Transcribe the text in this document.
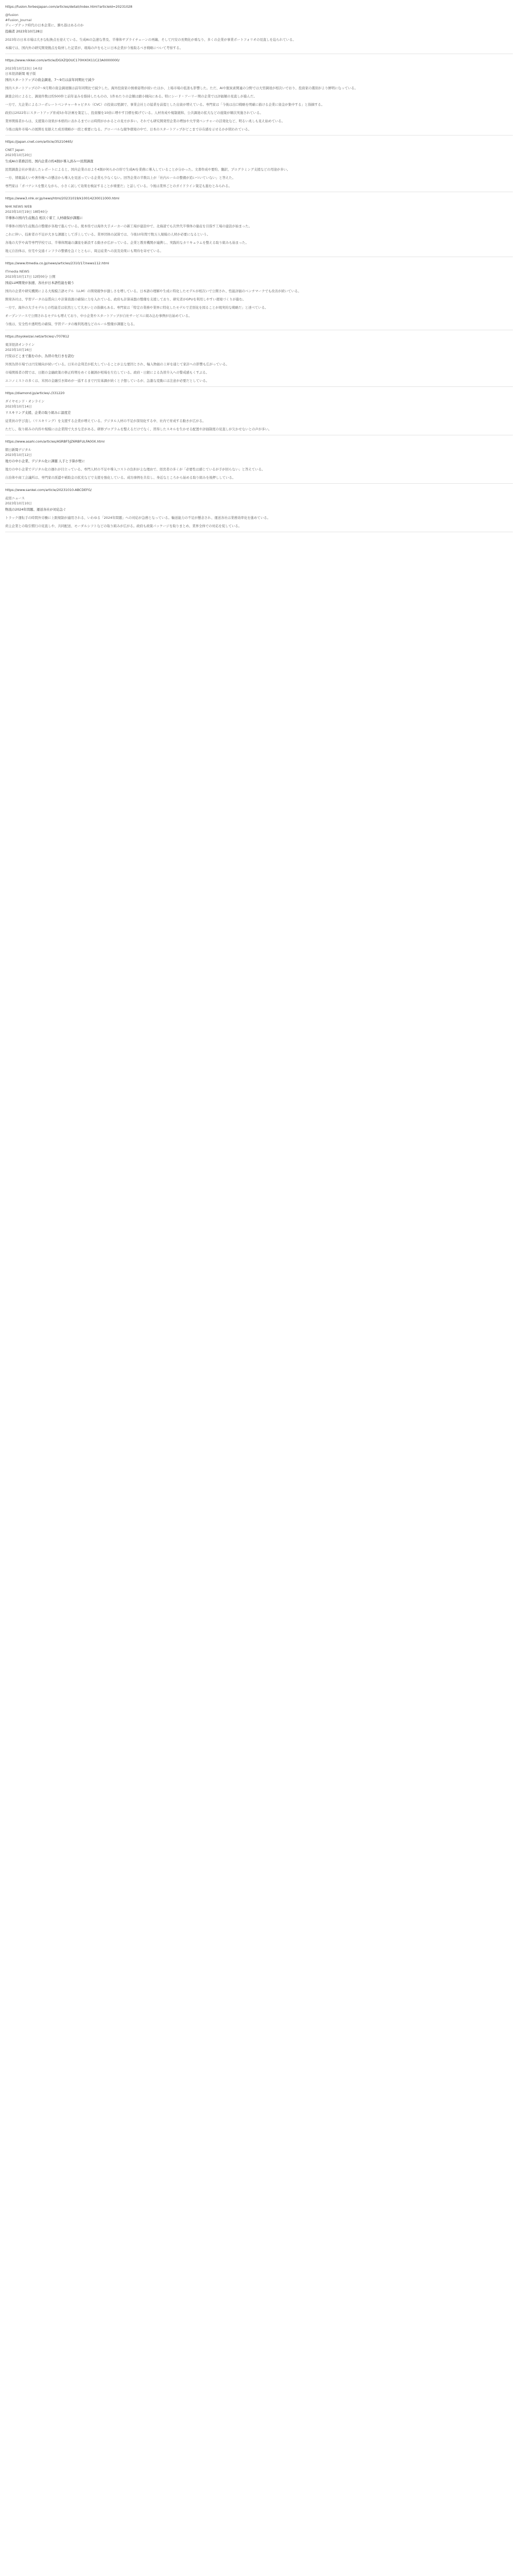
https://fusion.forbesjapan.com/articles/detail/index.html?articleId=20231028
@fusion
#Fusion_Journal
ディープテック時代の日本企業に、勝ち筋はあるのか
投稿者 2023年10月28日
2023年の日本市場は大きな転換点を迎えている。生成AIの急速な普及、半導体サプライチェーンの再編、そして円安の長期化が重なり、多くの企業が事業ポートフォリオの見直しを迫られている。
本稿では、国内外の研究開発拠点を取材した記者が、現場の声をもとに日本企業が今後取るべき戦略について考察する。
https://www.nikkei.com/article/DGXZQOUC170HX0X11C23A0000000/
2023年10月23日 14:02
日本経済新聞 電子版
国内スタートアップの資金調達、7〜9月は前年同期比で減少
国内スタートアップの7〜9月期の資金調達額は前年同期比で減少した。海外投資家の慎重姿勢が続いたほか、上場市場の低迷も影響した。ただ、AIや脱炭素関連の分野では大型調達が相次いでおり、投資家の選別がより鮮明になっている。
調査会社によると、調達件数は約500件と前年並みを維持したものの、1件あたりの金額は縮小傾向にある。特にシード・アーリー期の企業では評価額の見直しが進んだ。
一方で、大企業によるコーポレートベンチャーキャピタル（CVC）の投資は堅調で、事業会社との協業を前提とした出資が増えている。専門家は「今後は出口戦略を明確に描ける企業に資金が集中する」と指摘する。
政府は2022年にスタートアップ育成5か年計画を策定し、投資額を10倍に増やす目標を掲げている。人材育成や規制緩和、公共調達の拡大などの施策が順次実施されている。
業界関係者からは、支援策の効果が本格的に表れるまでには時間がかかるとの見方が多い。それでも研究開発型企業の増加や大学発ベンチャーの活発化など、明るい兆しも見え始めている。
今後は海外市場への展開を見据えた成長戦略が一段と重要になる。グローバルな競争環境の中で、日本のスタートアップがどこまで存在感を示せるかが問われている。
https://japan.cnet.com/article/35210465/
CNET Japan
2023年10月20日
生成AIの業務活用、国内企業の約4割が導入済み──民間調査
民間調査会社が発表したレポートによると、国内企業のおよそ4割が何らかの形で生成AIを業務に導入していることが分かった。文書作成や要約、翻訳、プログラミング支援などの用途が多い。
一方、情報漏えいや著作権への懸念から導入を見送っている企業も少なくない。回答企業の半数以上が「社内ルールの整備が追いついていない」と答えた。
専門家は「ガバナンスを整えながら、小さく試して効果を検証することが重要だ」と話している。今後は業界ごとのガイドライン策定も進むとみられる。
https://www3.nhk.or.jp/news/html/20231019/k10014230011000.html
NHK NEWS WEB
2023年10月19日 18時40分
半導体の国内生産拠点 相次ぐ着工 人材確保が課題に
半導体の国内生産拠点の整備が各地で進んでいる。熊本県では海外大手メーカーの新工場が建設中で、北海道でも次世代半導体の量産を目指す工場の建設が始まった。
これに伴い、技術者の不足が大きな課題として浮上している。業界団体の試算では、今後10年間で数万人規模の人材が必要になるという。
各地の大学や高等専門学校では、半導体関連の講座を新設する動きが広がっている。企業と教育機関が連携し、実践的なカリキュラムを整える取り組みも始まった。
地元自治体は、住宅や交通インフラの整備を急ぐとともに、周辺産業への波及効果にも期待を寄せている。
https://www.itmedia.co.jp/news/articles/2310/17/news112.html
ITmedia NEWS
2023年10月17日 12時00分 公開
国産LLM開発が加速、各社が日本語性能を競う
国内の企業や研究機関による大規模言語モデル（LLM）の開発競争が激しさを増している。日本語の理解や生成に特化したモデルが相次いで公開され、性能評価のベンチマークでも改善が続いている。
開発各社は、学習データの品質向上や計算資源の確保に力を入れている。政府も計算基盤の整備を支援しており、研究者がGPUを利用しやすい環境づくりが進む。
一方で、海外の大手モデルとの性能差は依然として大きいとの指摘もある。専門家は「特定の業務や業界に特化したモデルで差別化を図ることが現実的な戦略だ」と述べている。
オープンソースで公開されるモデルも増えており、中小企業やスタートアップが自社サービスに組み込む事例が出始めている。
今後は、安全性や透明性の確保、学習データの権利処理などのルール整備が課題となる。
https://toyokeizai.net/articles/-/707812
東洋経済オンライン
2023年10月16日
円安はどこまで進むのか、為替の先行きを読む
外国為替市場では円安傾向が続いている。日米の金利差が拡大していることが主な要因とされ、輸入物価の上昇を通じて家計への影響も広がっている。
市場関係者の間では、日銀の金融政策の修正時期をめぐる観測が相場を左右している。政府・日銀による為替介入への警戒感もくすぶる。
エコノミストの多くは、米国の金融引き締めが一巡するまで円安基調が続くと予想しているが、急激な変動には注意が必要だとしている。
https://diamond.jp/articles/-/331220
ダイヤモンド・オンライン
2023年10月14日
リスキリング支援、企業の取り組みに温度差
従業員の学び直し（リスキリング）を支援する企業が増えている。デジタル人材の不足が深刻化する中、社内で育成する動きが広がる。
ただし、取り組みの内容や規模には企業間で大きな差がある。研修プログラムを整えるだけでなく、習得したスキルを生かせる配置や評価制度の見直しが欠かせないとの声が多い。
https://www.asahi.com/articles/ASRBF5JZ6RBFULFA00X.html
朝日新聞デジタル
2023年10月12日
地方の中小企業、デジタル化に課題 人手と予算が壁に
地方の中小企業でデジタル化の遅れが目立っている。専門人材の不足や導入コストの負担が主な理由で、経営者の多くが「必要性は感じているが手が回らない」と答えている。
自治体や商工会議所は、専門家の派遣や補助金の拡充などで支援を強化している。成功事例を共有し、身近なところから始める取り組みを後押ししている。
https://www.sankei.com/article/20231010-ABCDEFG/
産経ニュース
2023年10月10日
物流の2024年問題、運送各社が対応急ぐ
トラック運転手の時間外労働に上限規制が適用される、いわゆる「2024年問題」への対応が急務となっている。輸送能力の不足が懸念され、運送各社は業務効率化を進めている。
荷主企業との取引慣行の見直しや、共同配送、モーダルシフトなどの取り組みが広がる。政府も政策パッケージを取りまとめ、業界全体での対応を促している。
